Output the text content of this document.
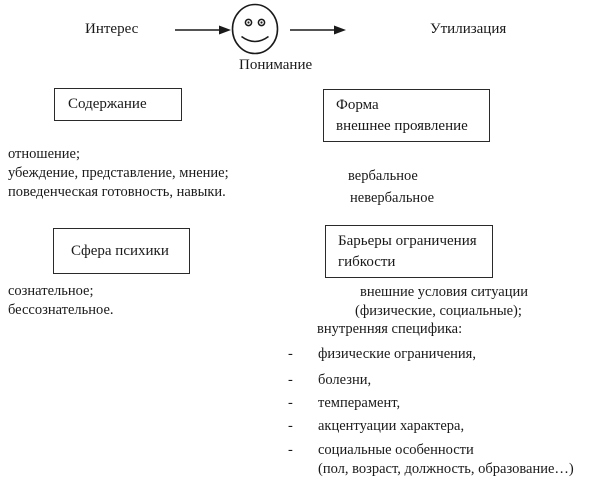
Интерес	Утилизация
Понимание
Содержание	Форма
внешнее проявление
отношение;
убеждение, представление, мнение;
поведенческая готовность, навыки.
вербальное
невербальное
Сфера психики
Барьеры ограничения
гибкости
сознательное;
бессознательное.
внешние условия ситуации
(физические, социальные);
внутренняя специфика:
- физические ограничения,
- болезни,
- темперамент,
- акцентуации характера,
- социальные особенности
(пол, возраст, должность, образование…)
